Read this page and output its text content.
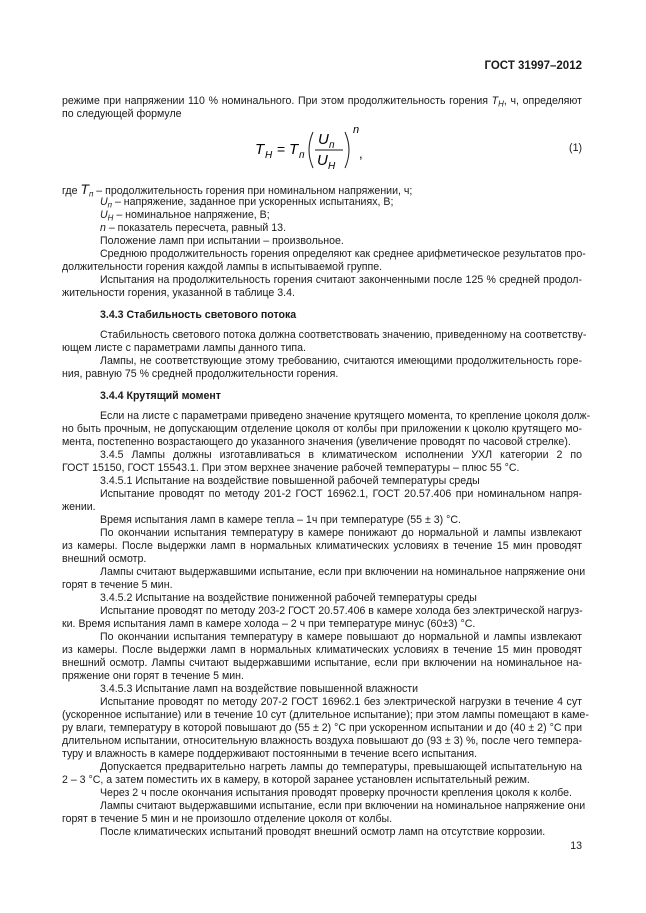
ГОСТ 31997–2012
режиме при напряжении 110 % номинального. При этом продолжительность горения $T_Н$, ч, определяют
по следующей формуле
T Н = T п
U п
U Н
n
,	(1)
где $T_п$ – продолжительность горения при номинальном напряжении, ч;
$U_п$ – напряжение, заданное при ускоренных испытаниях, В;
$U_Н$ – номинальное напряжение, В;
n – показатель пересчета, равный 13.
Положение ламп при испытании – произвольное.
Среднюю продолжительность горения определяют как среднее арифметическое результатов про-
должительности горения каждой лампы в испытываемой группе.
Испытания на продолжительность горения считают законченными после 125 % средней продол-
жительности горения, указанной в таблице 3.4.
3.4.3 Стабильность светового потока
Стабильность светового потока должна соответствовать значению, приведенному на соответству-
ющем листе с параметрами лампы данного типа.
Лампы, не соответствующие этому требованию, считаются имеющими продолжительность горе-
ния, равную 75 % средней продолжительности горения.
3.4.4 Крутящий момент
Если на листе с параметрами приведено значение крутящего момента, то крепление цоколя долж-
но быть прочным, не допускающим отделение цоколя от колбы при приложении к цоколю крутящего мо-
мента, постепенно возрастающего до указанного значения (увеличение проводят по часовой стрелке).
3.4.5 Лампы должны изготавливаться в климатическом исполнении УХЛ категории 2 по
ГОСТ 15150, ГОСТ 15543.1. При этом верхнее значение рабочей температуры – плюс 55 °С.
3.4.5.1 Испытание на воздействие повышенной рабочей температуры среды
Испытание проводят по методу 201-2 ГОСТ 16962.1, ГОСТ 20.57.406 при номинальном напря-
жении.
Время испытания ламп в камере тепла – 1ч при температуре (55 ± 3) °С.
По окончании испытания температуру в камере понижают до нормальной и лампы извлекают
из камеры. После выдержки ламп в нормальных климатических условиях в течение 15 мин проводят
внешний осмотр.
Лампы считают выдержавшими испытание, если при включении на номинальное напряжение они
горят в течение 5 мин.
3.4.5.2 Испытание на воздействие пониженной рабочей температуры среды
Испытание проводят по методу 203-2 ГОСТ 20.57.406 в камере холода без электрической нагруз-
ки. Время испытания ламп в камере холода – 2 ч при температуре минус (60±3) °С.
По окончании испытания температуру в камере повышают до нормальной и лампы извлекают
из камеры. После выдержки ламп в нормальных климатических условиях в течение 15 мин проводят
внешний осмотр. Лампы считают выдержавшими испытание, если при включении на номинальное на-
пряжение они горят в течение 5 мин.
3.4.5.3 Испытание ламп на воздействие повышенной влажности
Испытание проводят по методу 207-2 ГОСТ 16962.1 без электрической нагрузки в течение 4 сут
(ускоренное испытание) или в течение 10 сут (длительное испытание); при этом лампы помещают в каме-
ру влаги, температуру в которой повышают до (55 ± 2) °С при ускоренном испытании и до (40 ± 2) °С при
длительном испытании, относительную влажность воздуха повышают до (93 ± 3) %, после чего темпера-
туру и влажность в камере поддерживают постоянными в течение всего испытания.
Допускается предварительно нагреть лампы до температуры, превышающей испытательную на
2 – 3 °С, а затем поместить их в камеру, в которой заранее установлен испытательный режим.
Через 2 ч после окончания испытания проводят проверку прочности крепления цоколя к колбе.
Лампы считают выдержавшими испытание, если при включении на номинальное напряжение они
горят в течение 5 мин и не произошло отделение цоколя от колбы.
После климатических испытаний проводят внешний осмотр ламп на отсутствие коррозии.
13
